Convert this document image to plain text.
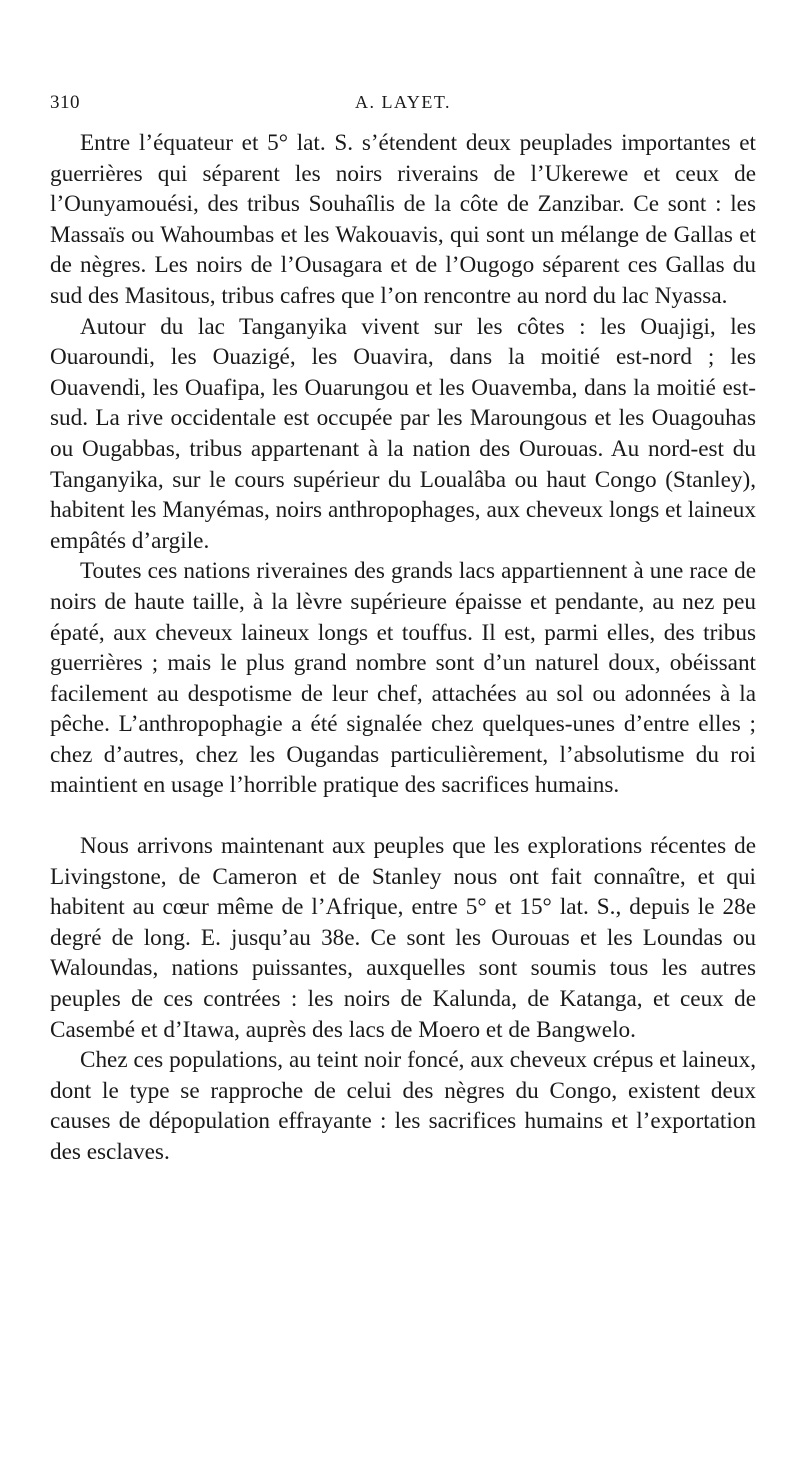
310	A. LAYET.

Entre l’équateur et 5° lat. S. s’étendent deux peuplades importantes et guerrières qui séparent les noirs riverains de l’Ukerewe et ceux de l’Ounyamouési, des tribus Souhaîlis de la côte de Zanzibar. Ce sont : les Massaïs ou Wahoumbas et les Wakouavis, qui sont un mélange de Gallas et de nègres. Les noirs de l’Ousagara et de l’Ougogo séparent ces Gallas du sud des Masitous, tribus cafres que l’on rencontre au nord du lac Nyassa.

Autour du lac Tanganyika vivent sur les côtes : les Ouajigi, les Ouaroundi, les Ouazigé, les Ouavira, dans la moitié est-nord ; les Ouavendi, les Ouafipa, les Ouarungou et les Ouavemba, dans la moitié est-sud. La rive occidentale est occupée par les Maroungous et les Ouagouhas ou Ougabbas, tribus appartenant à la nation des Ourouas. Au nord-est du Tanganyika, sur le cours supérieur du Loualâba ou haut Congo (Stanley), habitent les Manyémas, noirs anthropophages, aux cheveux longs et laineux empâtés d’argile.

Toutes ces nations riveraines des grands lacs appartiennent à une race de noirs de haute taille, à la lèvre supérieure épaisse et pendante, au nez peu épaté, aux cheveux laineux longs et touffus. Il est, parmi elles, des tribus guerrières ; mais le plus grand nombre sont d’un naturel doux, obéissant facilement au despotisme de leur chef, attachées au sol ou adonnées à la pêche. L’anthropophagie a été signalée chez quelques-unes d’entre elles ; chez d’autres, chez les Ougandas particulièrement, l’absolutisme du roi maintient en usage l’horrible pratique des sacrifices humains.

Nous arrivons maintenant aux peuples que les explorations récentes de Livingstone, de Cameron et de Stanley nous ont fait connaître, et qui habitent au cœur même de l’Afrique, entre 5° et 15° lat. S., depuis le 28e degré de long. E. jusqu’au 38e. Ce sont les Ourouas et les Loundas ou Waloundas, nations puissantes, auxquelles sont soumis tous les autres peuples de ces contrées : les noirs de Kalunda, de Katanga, et ceux de Casembé et d’Itawa, auprès des lacs de Moero et de Bangwelo.

Chez ces populations, au teint noir foncé, aux cheveux crépus et laineux, dont le type se rapproche de celui des nègres du Congo, existent deux causes de dépopulation effrayante : les sacrifices humains et l’exportation des esclaves.
